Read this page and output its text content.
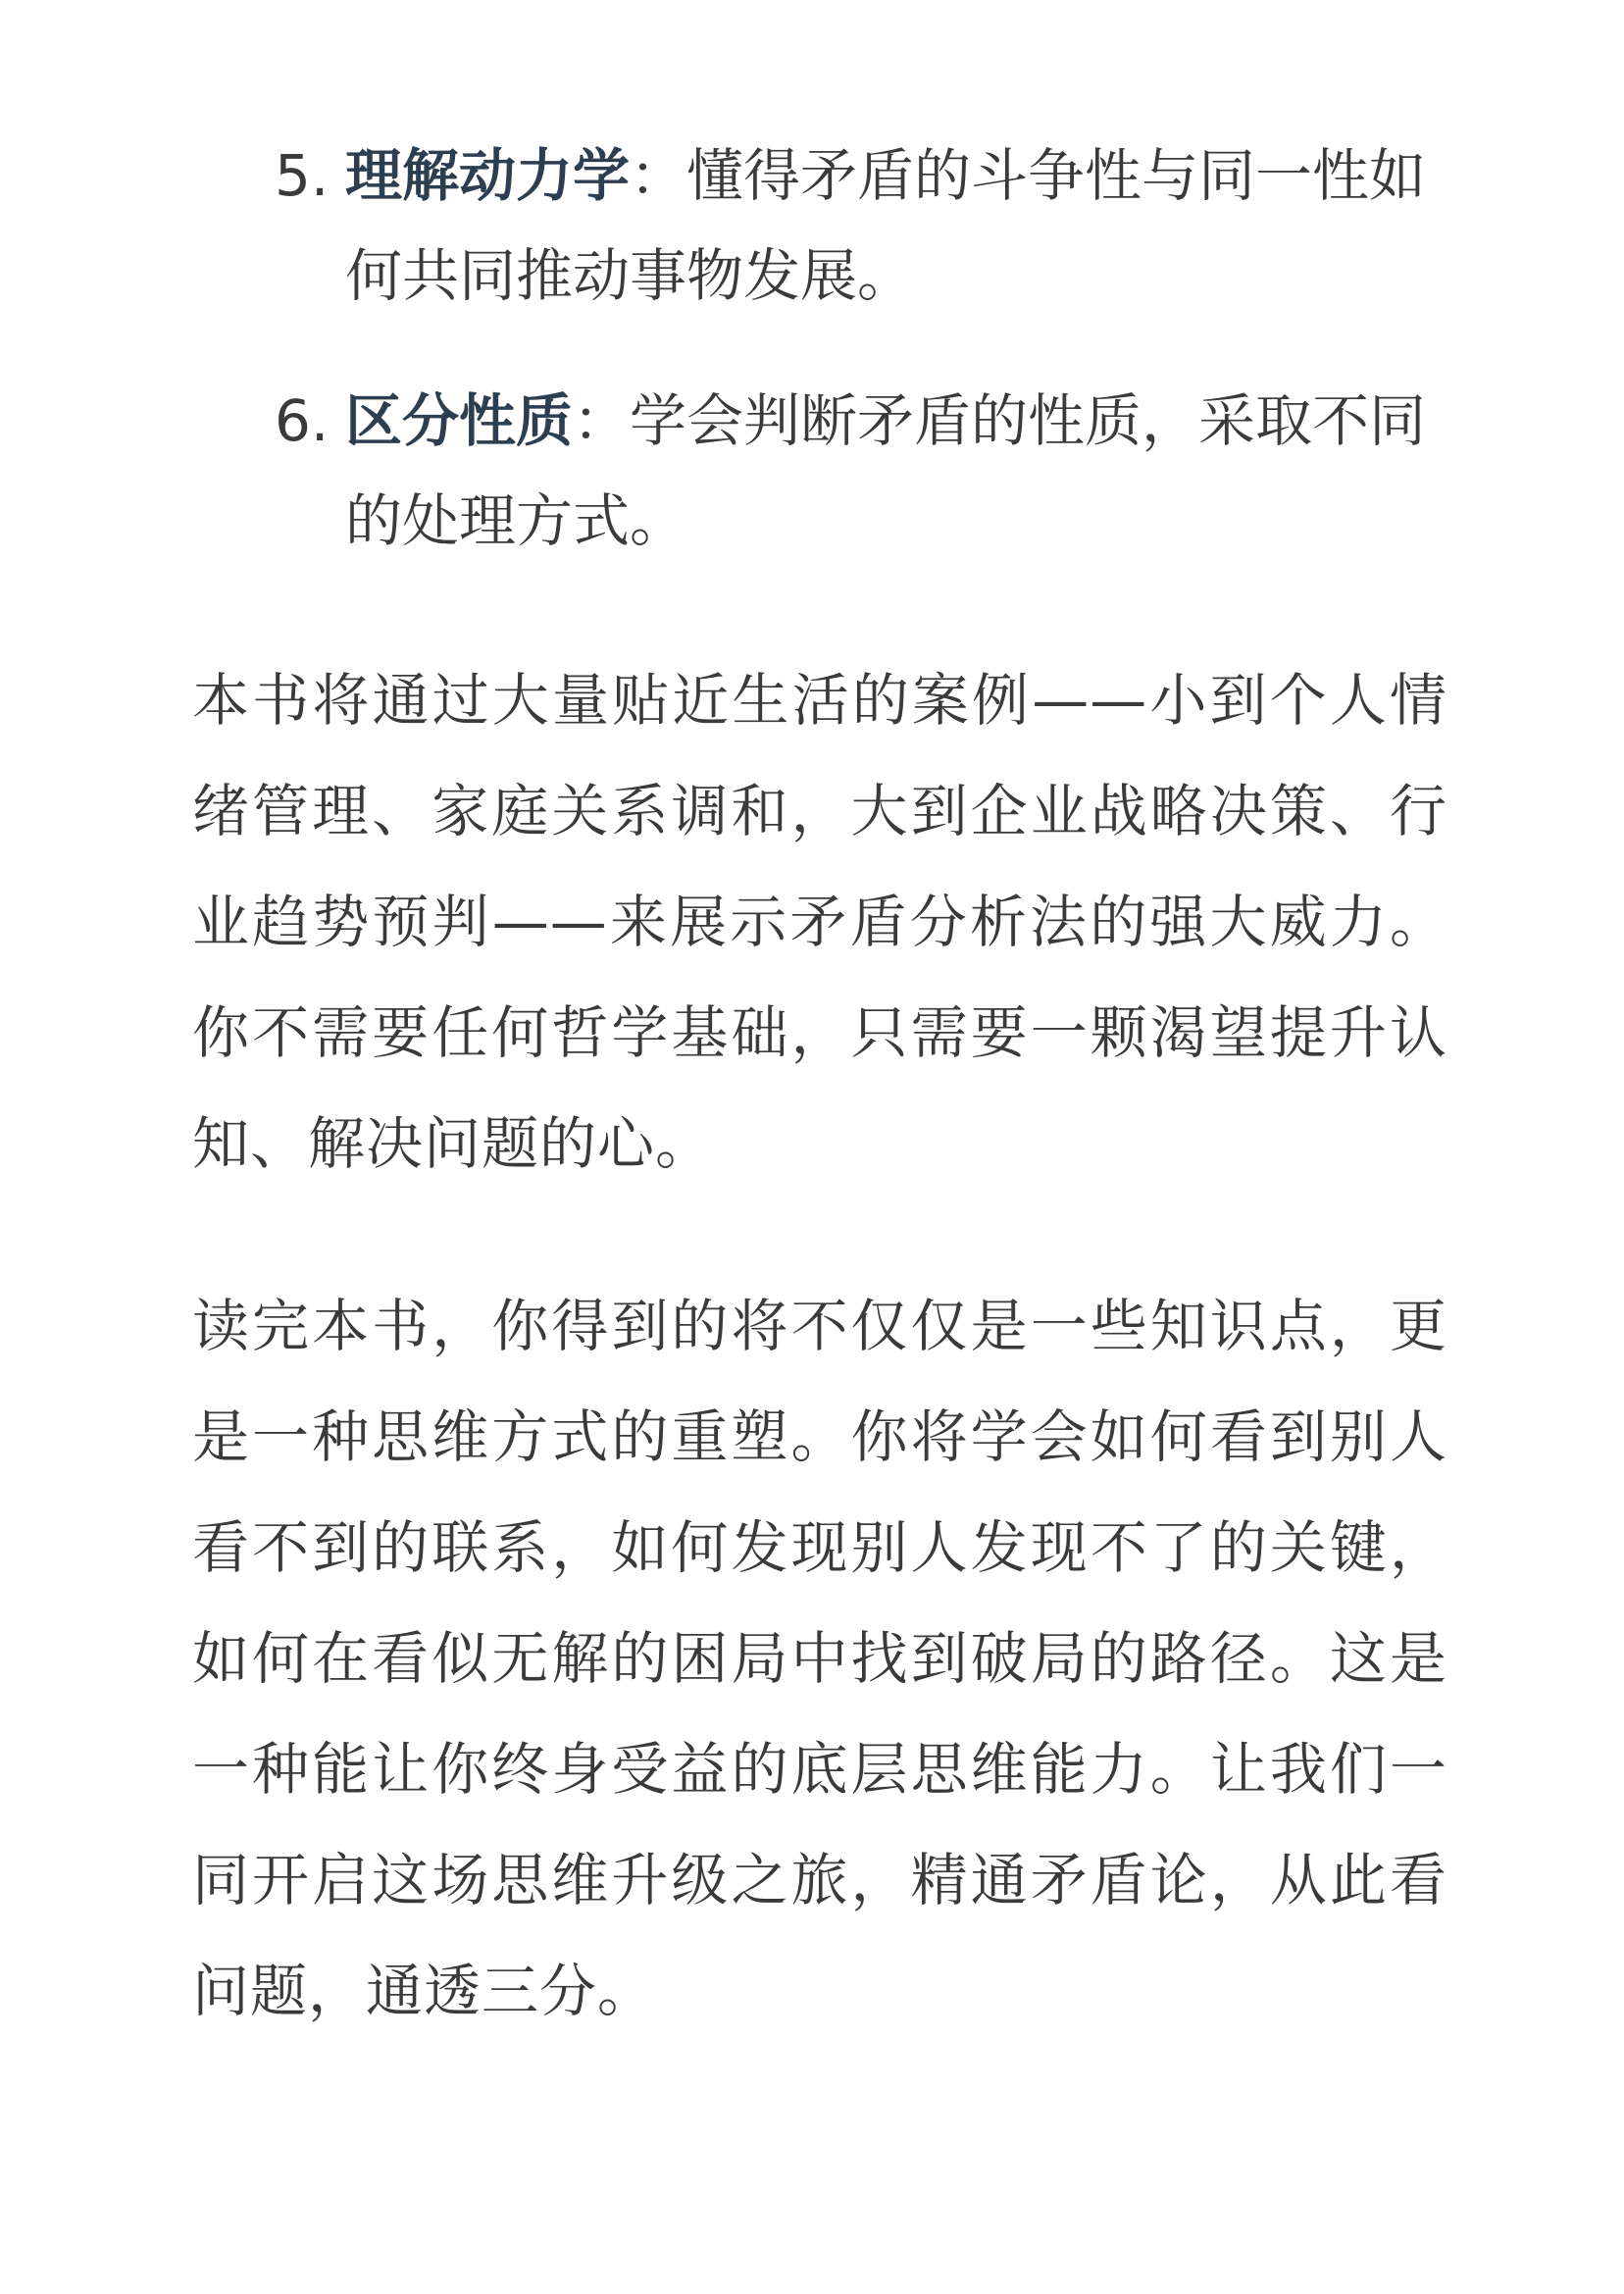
5. 理解动力学：懂得矛盾的斗争性与同一性如何共同推动事物发展。
6. 区分性质：学会判断矛盾的性质，采取不同的处理方式。

本书将通过大量贴近生活的案例——小到个人情绪管理、家庭关系调和，大到企业战略决策、行业趋势预判——来展示矛盾分析法的强大威力。你不需要任何哲学基础，只需要一颗渴望提升认知、解决问题的心。

读完本书，你得到的将不仅仅是一些知识点，更是一种思维方式的重塑。你将学会如何看到别人看不到的联系，如何发现别人发现不了的关键，如何在看似无解的困局中找到破局的路径。这是一种能让你终身受益的底层思维能力。让我们一同开启这场思维升级之旅，精通矛盾论，从此看问题，通透三分。
